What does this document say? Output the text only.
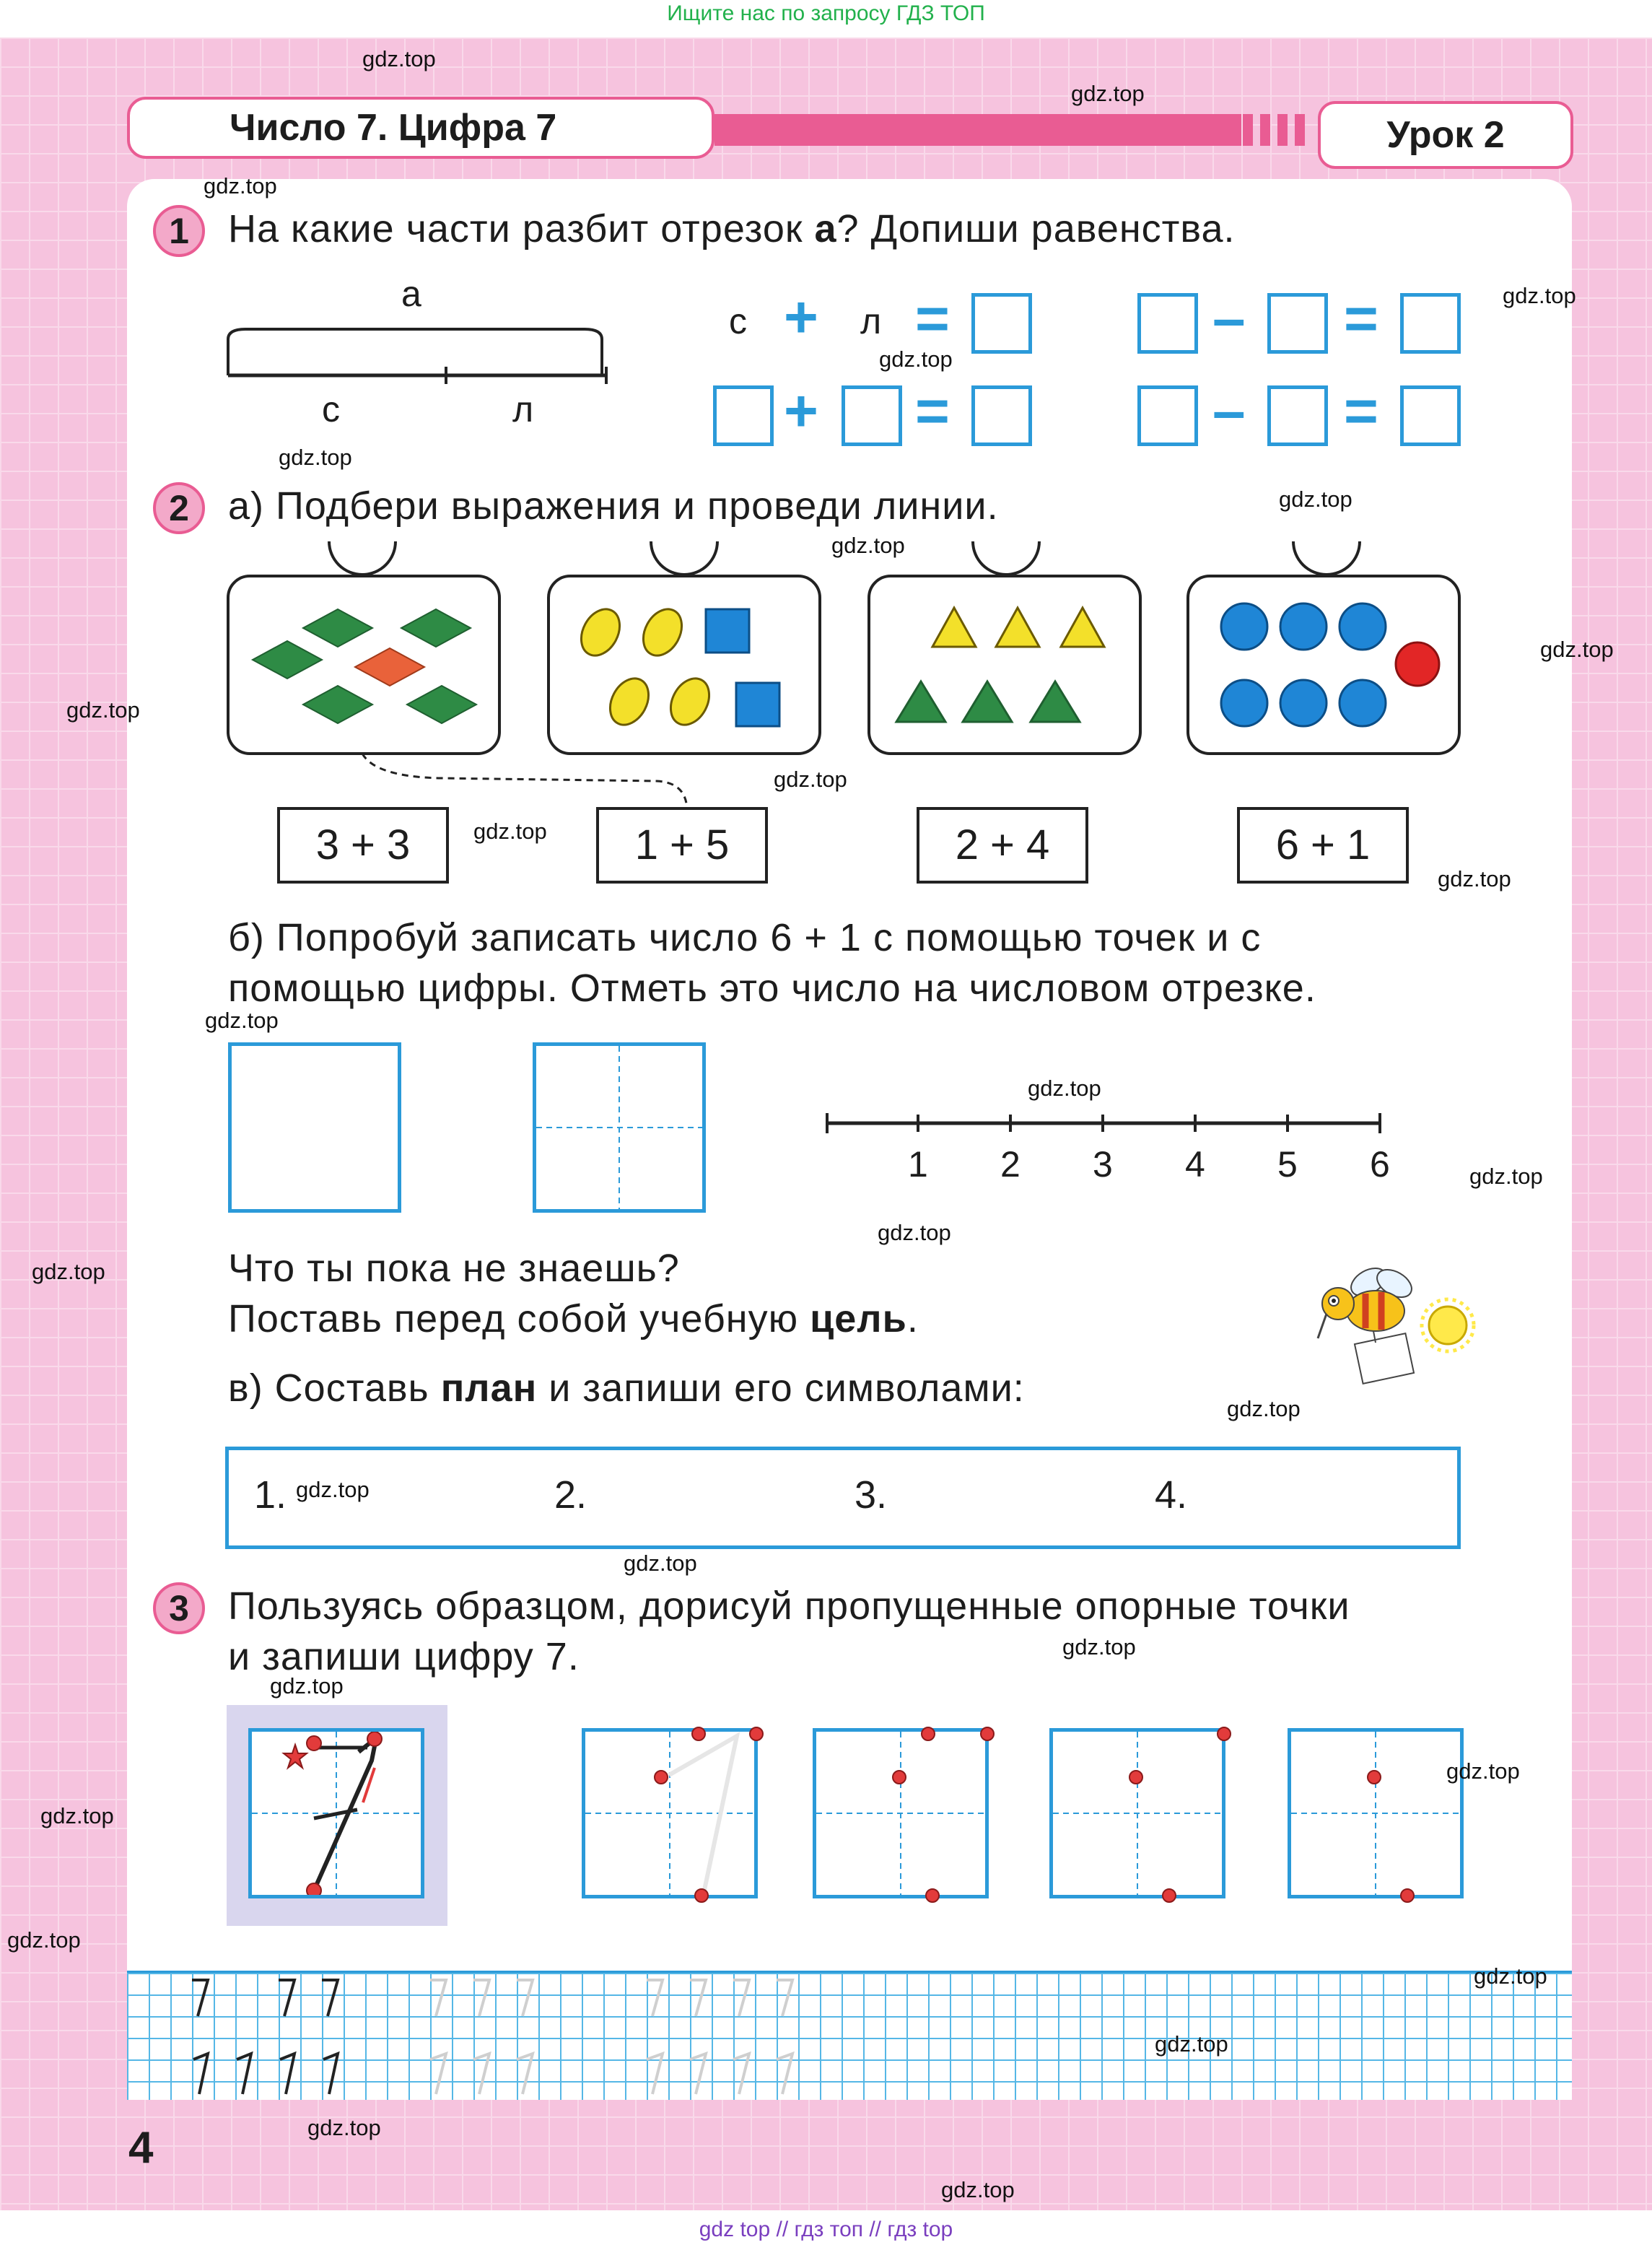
Ищите нас по запросу ГДЗ ТОП
Число 7. Цифра 7	Урок 2
1	На какие части разбит отрезок а? Допиши равенства.
а
с	л
с + л =	– =
+ =	– =
2	а) Подбери выражения и проведи линии.
3 + 3	1 + 5	2 + 4	6 + 1
б) Попробуй записать число 6 + 1 с помощью точек и с
помощью цифры. Отметь это число на числовом отрезке.
1 2 3 4 5 6
Что ты пока не знаешь?
Поставь перед собой учебную цель.
в) Составь план и запиши его символами:
1.	2.	3.	4.
3	Пользуясь образцом, дорисуй пропущенные опорные точки
и запиши цифру 7.
4
gdz.top
gdz.top
gdz.top
gdz.top
gdz.top
gdz.top
gdz.top
gdz.top
gdz.top
gdz.top
gdz.top
gdz.top
gdz.top
gdz.top
gdz.top
gdz.top
gdz.top
gdz.top
gdz.top
gdz.top
gdz.top
gdz.top
gdz.top
gdz.top
gdz.top
gdz.top
gdz.top
gdz.top
gdz.top
gdz.top
gdz top // гдз топ // гдз top
